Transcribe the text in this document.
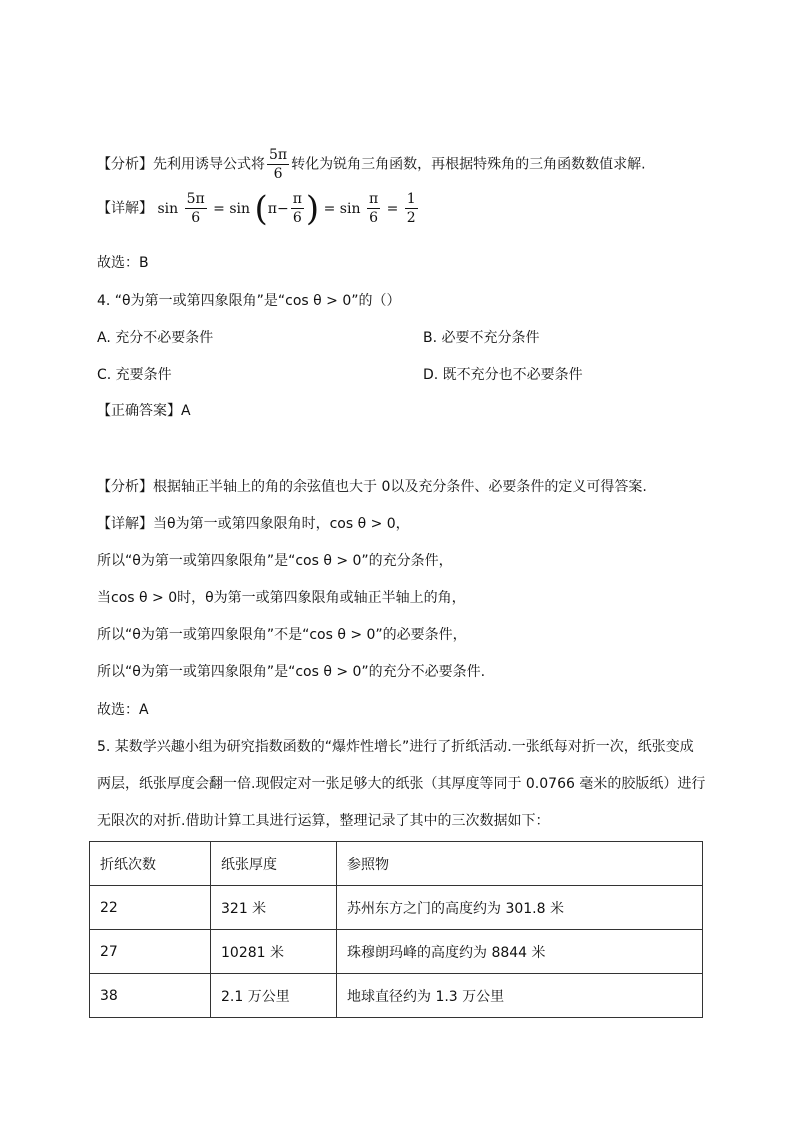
【分析】先利用诱导公式将 $\frac{5\pi}{6}$ 转化为锐角三角函数，再根据特殊角的三角函数数值求解.
【详解】 $\sin \frac{5\pi}{6} = \sin (\pi- \frac{\pi}{6}$ ) = $\sin \frac{\pi}{6} = \frac{1}{2}$
故选：B
4. “θ为第一或第四象限角”是“cos θ > 0”的（）
A. 充分不必要条件	B. 必要不充分条件
C. 充要条件	D. 既不充分也不必要条件
【正确答案】A
【分析】根据轴正半轴上的角的余弦值也大于 0以及充分条件、必要条件的定义可得答案.
【详解】当θ为第一或第四象限角时，cos θ > 0，
所以“θ为第一或第四象限角”是“cos θ > 0”的充分条件，
当cos θ > 0时，θ为第一或第四象限角或轴正半轴上的角，
所以“θ为第一或第四象限角”不是“cos θ > 0”的必要条件，
所以“θ为第一或第四象限角”是“cos θ > 0”的充分不必要条件.
故选：A
5. 某数学兴趣小组为研究指数函数的“爆炸性增长”进行了折纸活动.一张纸每对折一次，纸张变成
两层，纸张厚度会翻一倍.现假定对一张足够大的纸张（其厚度等同于 0.0766 毫米的胶版纸）进行
无限次的对折.借助计算工具进行运算，整理记录了其中的三次数据如下：
折纸次数	纸张厚度	参照物
22	321 米	苏州东方之门的高度约为 301.8 米
27	10281 米	珠穆朗玛峰的高度约为 8844 米
38	2.1 万公里	地球直径约为 1.3 万公里
